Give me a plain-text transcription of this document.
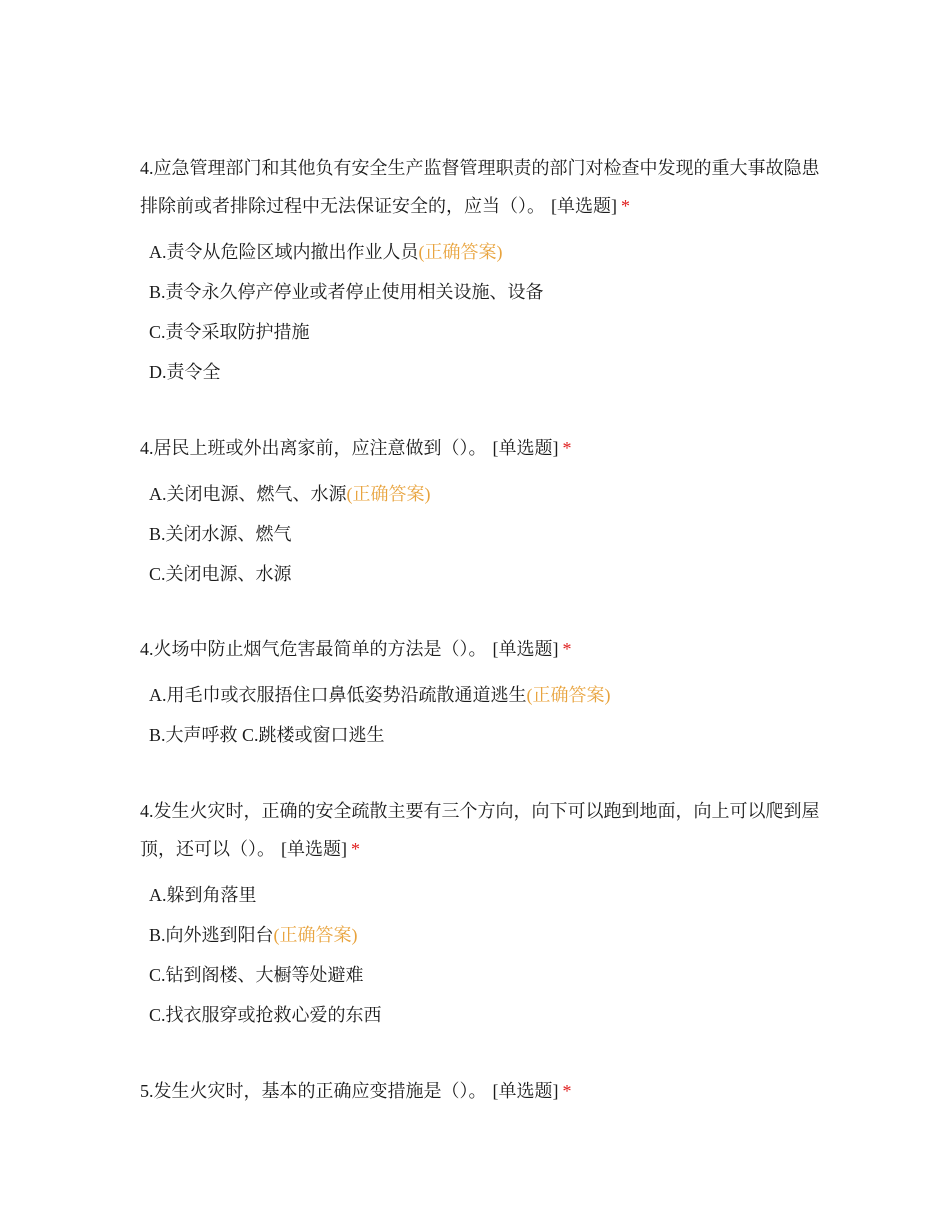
4.应急管理部门和其他负有安全生产监督管理职责的部门对检查中发现的重大事故隐患排除前或者排除过程中无法保证安全的，应当（）。 [单选题] *

A.责令从危险区域内撤出作业人员(正确答案)
B.责令永久停产停业或者停止使用相关设施、设备
C.责令采取防护措施
D.责令全

4.居民上班或外出离家前，应注意做到（）。 [单选题] *

A.关闭电源、燃气、水源(正确答案)
B.关闭水源、燃气
C.关闭电源、水源

4.火场中防止烟气危害最简单的方法是（）。 [单选题] *

A.用毛巾或衣服捂住口鼻低姿势沿疏散通道逃生(正确答案)
B.大声呼救 C.跳楼或窗口逃生

4.发生火灾时，正确的安全疏散主要有三个方向，向下可以跑到地面，向上可以爬到屋顶，还可以（）。 [单选题] *

A.躲到角落里
B.向外逃到阳台(正确答案)
C.钻到阁楼、大橱等处避难
C.找衣服穿或抢救心爱的东西

5.发生火灾时，基本的正确应变措施是（）。 [单选题] *
